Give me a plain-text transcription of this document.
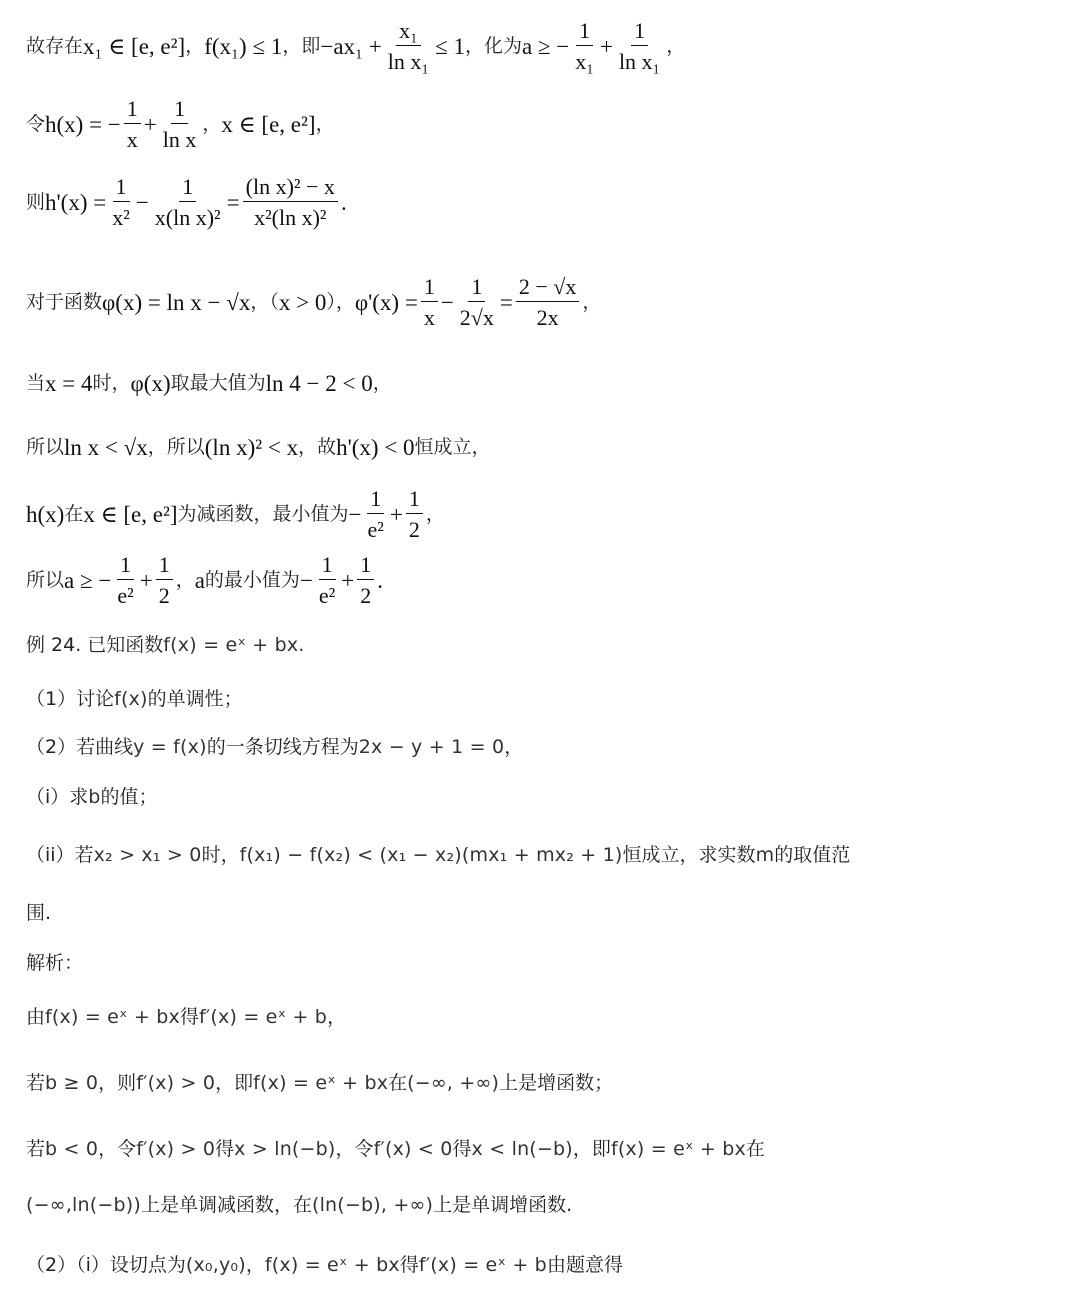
故存在 x₁ ∈ [e, e²] ， f(x₁) ≤ 1 ，即 $-ax_1 + \frac{\text{x₁}}{\text{ln x₁}} \le 1$ ，化为 a ≥ − $\frac{1}{\text{x₁}} + \frac{1}{\text{ln x₁}}$ ，
令 h(x) = − $\frac{1}{x} + \frac{1}{\text{ln x}}$ ， x ∈ [e, e²] ，
则 $h'(x) = \frac{1}{\text{x²}} - \frac{1}{\text{x(ln x)²}} = \frac{\text{(ln x)² − x}}{\text{x²(ln x)²}}$ .
对于函数 φ(x) = ln x − √x ，（ x > 0 ）， $\varphi'(x) = \frac{1}{x} - \frac{1}{2√x} = \frac{2 - √x}{2x}$ ，
当 x = 4 时， φ(x) 取最大值为 ln 4 − 2 < 0 ，
所以 ln x < √x ，所以 (ln x)² < x ，故 h'(x) < 0 恒成立，
h(x) 在 x ∈ [e, e²] 为减函数，最小值为 − $\frac{1}{\text{e²}} + \frac{1}{2}$ ，
所以 a ≥ − $\frac{1}{\text{e²}} + \frac{1}{2}$ ， a 的最小值为 − $\frac{1}{\text{e²}} + \frac{1}{2}$ .
例 24. 已知函数 f(x) = eˣ + bx.
（1）讨论 f(x) 的单调性；
（2）若曲线 y = f(x) 的一条切线方程为 2x − y + 1 = 0 ，
（i）求 b 的值；
（ii）若 x₂ > x₁ > 0 时， f(x₁) − f(x₂) < (x₁ − x₂)(mx₁ + mx₂ + 1) 恒成立，求实数 m 的取值范
围.
解析：
由 f(x) = eˣ + bx 得 f′(x) = eˣ + b ，
若 b ≥ 0 ，则 f′(x) > 0 ，即 f(x) = eˣ + bx 在 (−∞, +∞) 上是增函数；
若 b < 0 ，令 f′(x) > 0 得 x > ln(−b) ，令 f′(x) < 0 得 x < ln(−b) ，即 f(x) = eˣ + bx 在
(−∞,ln(−b)) 上是单调减函数，在 (ln(−b), +∞) 上是单调增函数.
（2）（i）设切点为 (x₀,y₀) ， f(x) = eˣ + bx 得 f′(x) = eˣ + b 由题意得
